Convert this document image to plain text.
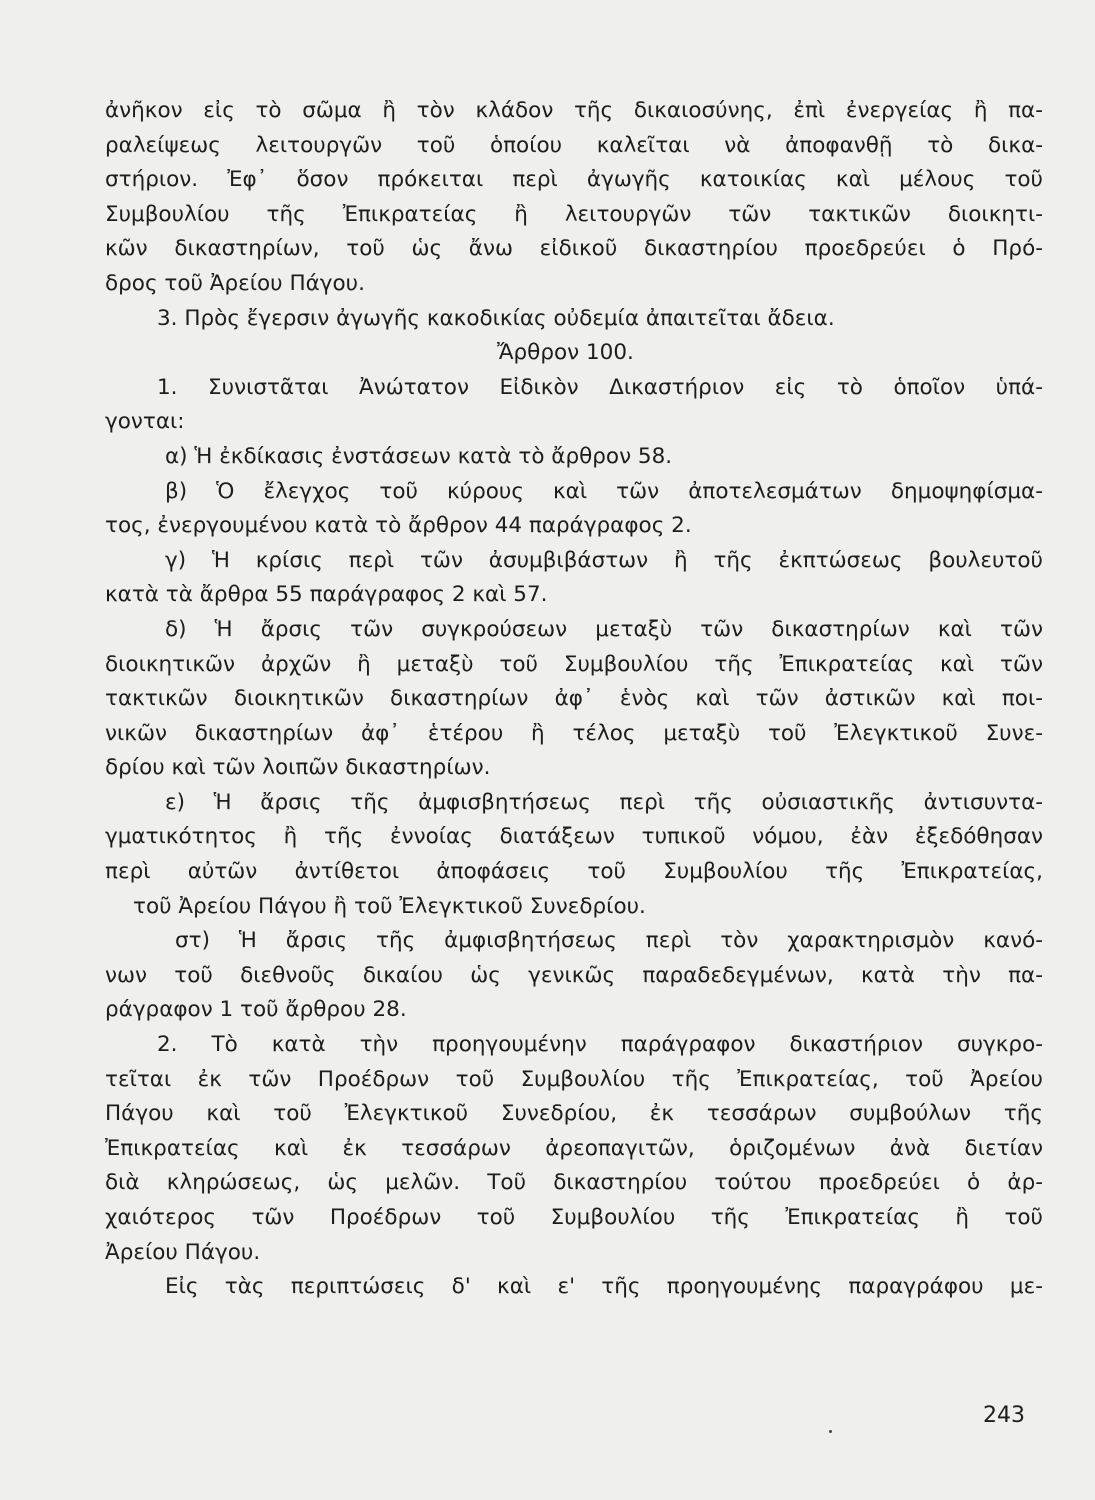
ἀνῆκον εἰς τὸ σῶμα ἢ τὸν κλάδον τῆς δικαιοσύνης, ἐπὶ ἐνεργείας ἢ πα-
ραλείψεως λειτουργῶν τοῦ ὁποίου καλεῖται νὰ ἀποφανθῇ τὸ δικα-
στήριον. Ἐφ᾿ ὅσον πρόκειται περὶ ἀγωγῆς κατοικίας καὶ μέλους τοῦ
Συμβουλίου τῆς Ἐπικρατείας ἢ λειτουργῶν τῶν τακτικῶν διοικητι-
κῶν δικαστηρίων, τοῦ ὡς ἄνω εἰδικοῦ δικαστηρίου προεδρεύει ὁ Πρό-
δρος τοῦ Ἀρείου Πάγου.
3. Πρὸς ἔγερσιν ἀγωγῆς κακοδικίας οὐδεμία ἀπαιτεῖται ἄδεια.
Ἄρθρον 100.
1. Συνιστᾶται Ἀνώτατον Εἰδικὸν Δικαστήριον εἰς τὸ ὁποῖον ὑπά-
γονται:
α) Ἡ ἐκδίκασις ἐνστάσεων κατὰ τὸ ἄρθρον 58.
β) Ὁ ἔλεγχος τοῦ κύρους καὶ τῶν ἀποτελεσμάτων δημοψηφίσμα-
τος, ἐνεργουμένου κατὰ τὸ ἄρθρον 44 παράγραφος 2.
γ) Ἡ κρίσις περὶ τῶν ἀσυμβιβάστων ἢ τῆς ἐκπτώσεως βουλευτοῦ
κατὰ τὰ ἄρθρα 55 παράγραφος 2 καὶ 57.
δ) Ἡ ἄρσις τῶν συγκρούσεων μεταξὺ τῶν δικαστηρίων καὶ τῶν
διοικητικῶν ἀρχῶν ἢ μεταξὺ τοῦ Συμβουλίου τῆς Ἐπικρατείας καὶ τῶν
τακτικῶν διοικητικῶν δικαστηρίων ἀφ᾿ ἑνὸς καὶ τῶν ἀστικῶν καὶ ποι-
νικῶν δικαστηρίων ἀφ᾿ ἑτέρου ἢ τέλος μεταξὺ τοῦ Ἐλεγκτικοῦ Συνε-
δρίου καὶ τῶν λοιπῶν δικαστηρίων.
ε) Ἡ ἄρσις τῆς ἀμφισβητήσεως περὶ τῆς οὐσιαστικῆς ἀντισυντα-
γματικότητος ἢ τῆς ἐννοίας διατάξεων τυπικοῦ νόμου, ἐὰν ἐξεδόθησαν
περὶ αὐτῶν ἀντίθετοι ἀποφάσεις τοῦ Συμβουλίου τῆς Ἐπικρατείας,
τοῦ Ἀρείου Πάγου ἢ τοῦ Ἐλεγκτικοῦ Συνεδρίου.
στ) Ἡ ἄρσις τῆς ἀμφισβητήσεως περὶ τὸν χαρακτηρισμὸν κανό-
νων τοῦ διεθνοῦς δικαίου ὡς γενικῶς παραδεδεγμένων, κατὰ τὴν πα-
ράγραφον 1 τοῦ ἄρθρου 28.
2. Τὸ κατὰ τὴν προηγουμένην παράγραφον δικαστήριον συγκρο-
τεῖται ἐκ τῶν Προέδρων τοῦ Συμβουλίου τῆς Ἐπικρατείας, τοῦ Ἀρείου
Πάγου καὶ τοῦ Ἐλεγκτικοῦ Συνεδρίου, ἐκ τεσσάρων συμβούλων τῆς
Ἐπικρατείας καὶ ἐκ τεσσάρων ἀρεοπαγιτῶν, ὁριζομένων ἀνὰ διετίαν
διὰ κληρώσεως, ὡς μελῶν. Τοῦ δικαστηρίου τούτου προεδρεύει ὁ ἀρ-
χαιότερος τῶν Προέδρων τοῦ Συμβουλίου τῆς Ἐπικρατείας ἢ τοῦ
Ἀρείου Πάγου.
Εἰς τὰς περιπτώσεις δ' καὶ ε' τῆς προηγουμένης παραγράφου με-
243
